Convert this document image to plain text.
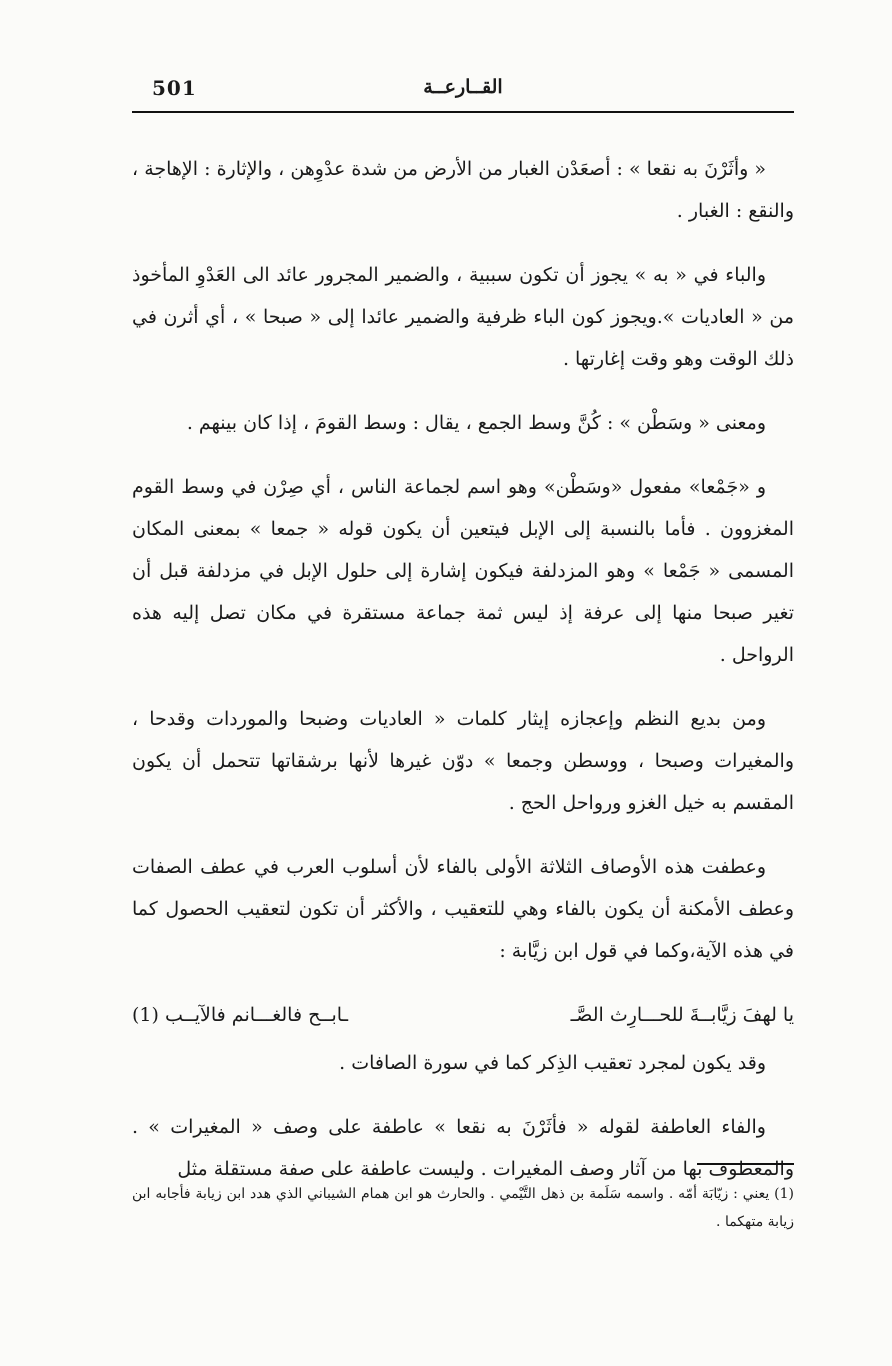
501	القــارعــة

« وأثَرْنَ به نقعا » : أصعَدْن الغبار من الأرض من شدة عدْوِهن ، والإثارة : الإهاجة ، والنقع : الغبار .

والباء في « به » يجوز أن تكون سببية ، والضمير المجرور عائد الى العَدْوِ المأخوذ من « العاديات ».ويجوز كون الباء ظرفية والضمير عائدا إلى « صبحا » ، أي أثرن في ذلك الوقت وهو وقت إغارتها .

ومعنى « وسَطْن » : كُنَّ وسط الجمع ، يقال : وسط القومَ ، إذا كان بينهم .

و «جَمْعا» مفعول «وسَطْن» وهو اسم لجماعة الناس ، أي صِرْن في وسط القوم المغزوون . فأما بالنسبة إلى الإبل فيتعين أن يكون قوله « جمعا » بمعنى المكان المسمى « جَمْعا » وهو المزدلفة فيكون إشارة إلى حلول الإبل في مزدلفة قبل أن تغير صبحا منها إلى عرفة إذ ليس ثمة جماعة مستقرة في مكان تصل إليه هذه الرواحل .

ومن بديع النظم وإعجازه إيثار كلمات « العاديات وضبحا والموردات وقدحا ، والمغيرات وصبحا ، ووسطن وجمعا » دوّن غيرها لأنها برشقاتها تتحمل أن يكون المقسم به خيل الغزو ورواحل الحج .

وعطفت هذه الأوصاف الثلاثة الأولى بالفاء لأن أسلوب العرب في عطف الصفات وعطف الأمكنة أن يكون بالفاء وهي للتعقيب ، والأكثر أن تكون لتعقيب الحصول كما في هذه الآية،وكما في قول ابن زيَّابة :

يا لهفَ زيَّابــةَ للحـــارِث الصَّـ
ـابــح فالغـــانم فالآيــب (1)

وقد يكون لمجرد تعقيب الذِكر كما في سورة الصافات .

والفاء العاطفة لقوله « فأثَرْنَ به نقعا » عاطفة على وصف « المغيرات » . والمعطوف بها من آثار وصف المغيرات . وليست عاطفة على صفة مستقلة مثل

(1) يعني : زيّابَة أمّه . واسمه سَلَمة بن ذهل التَّيْمي . والحارث هو ابن همام الشيباني الذي هدد ابن زيابة فأجابه ابن زيابة متهكما .
